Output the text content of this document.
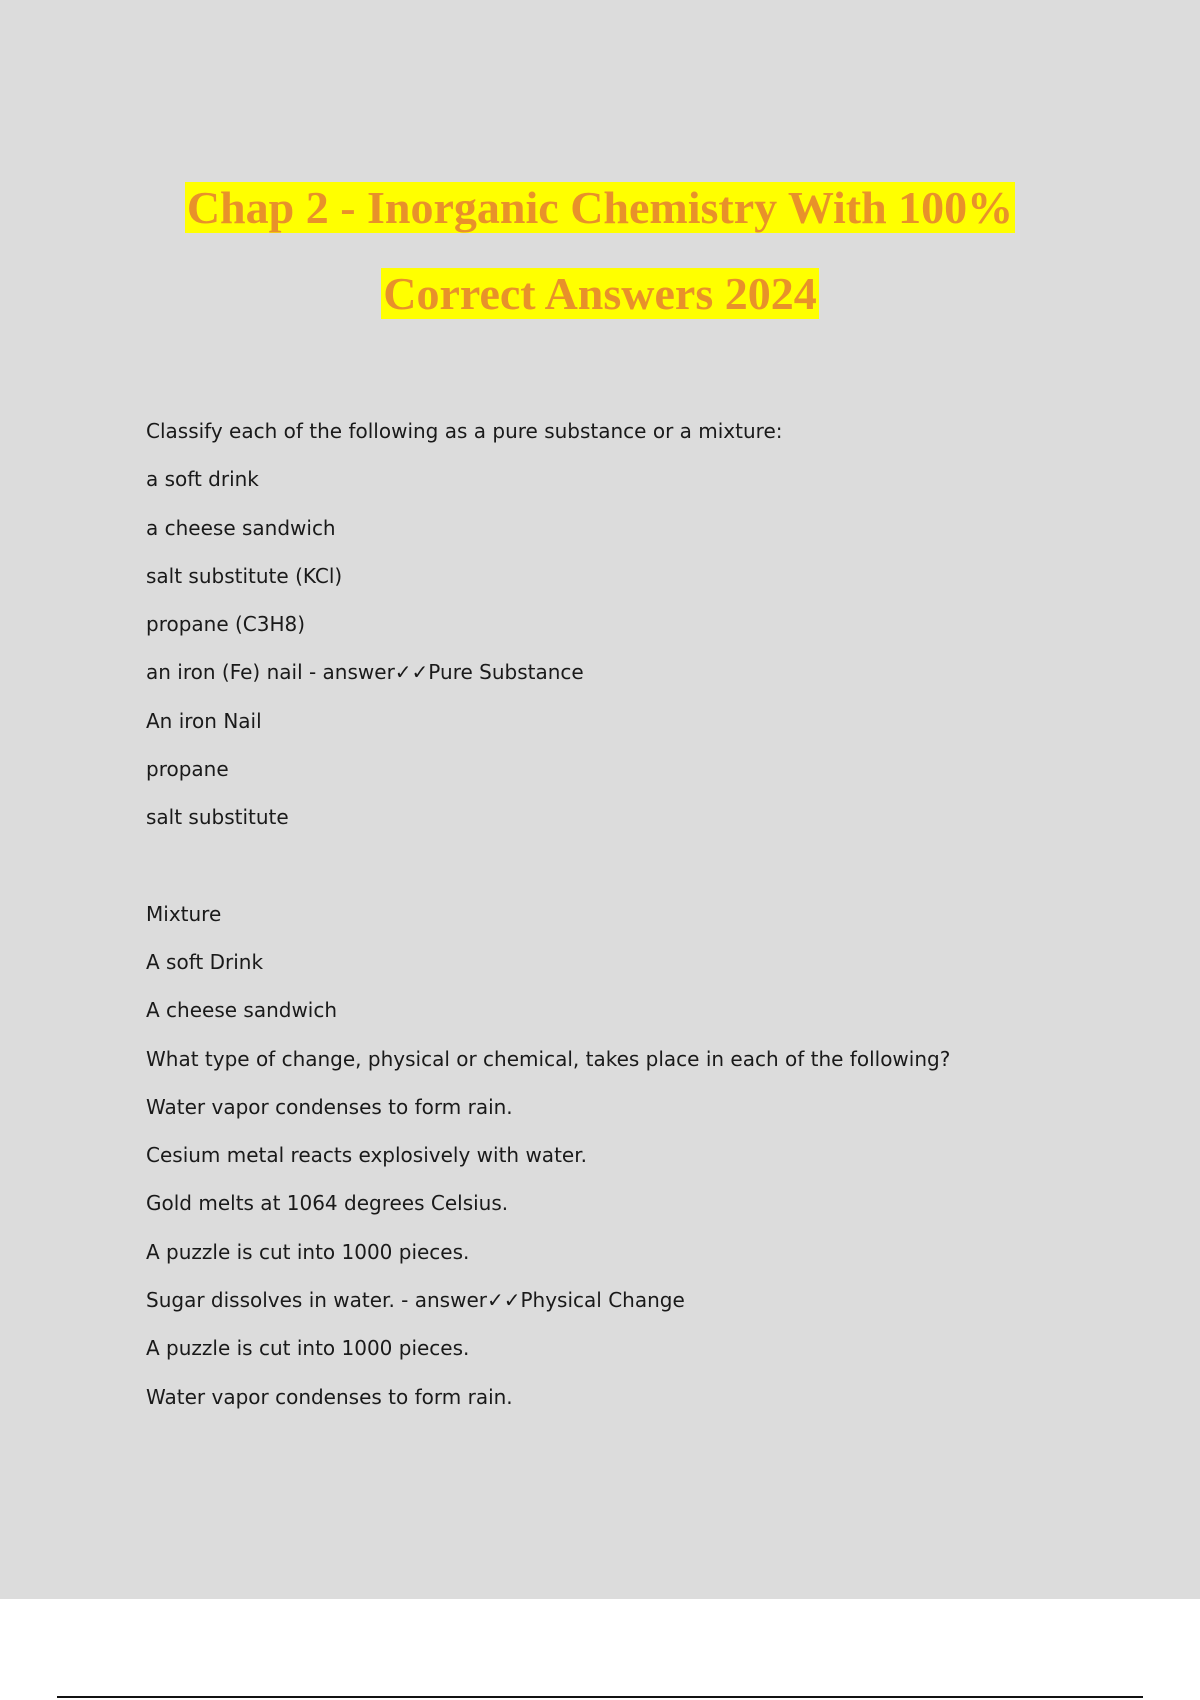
Chap 2 - Inorganic Chemistry With 100%
Correct Answers 2024
Classify each of the following as a pure substance or a mixture:
a soft drink
a cheese sandwich
salt substitute (KCl)
propane (C3H8)
an iron (Fe) nail - answer✓✓Pure Substance
An iron Nail
propane
salt substitute
Mixture
A soft Drink
A cheese sandwich
What type of change, physical or chemical, takes place in each of the following?
Water vapor condenses to form rain.
Cesium metal reacts explosively with water.
Gold melts at 1064 degrees Celsius.
A puzzle is cut into 1000 pieces.
Sugar dissolves in water. - answer✓✓Physical Change
A puzzle is cut into 1000 pieces.
Water vapor condenses to form rain.
